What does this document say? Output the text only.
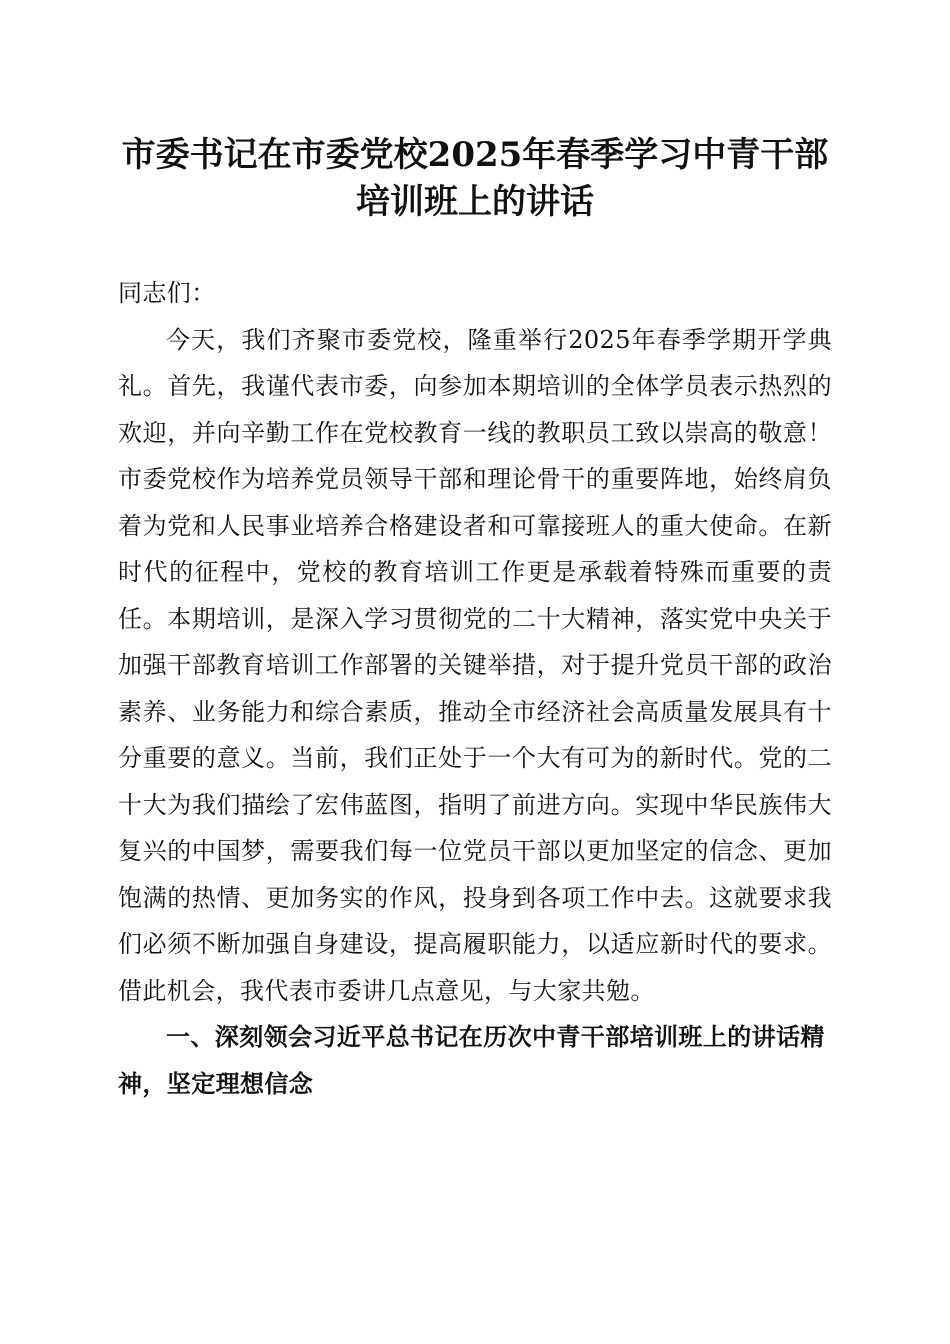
市委书记在市委党校2025年春季学习中青干部培训班上的讲话

同志们：

今天，我们齐聚市委党校，隆重举行2025年春季学期开学典礼。首先，我谨代表市委，向参加本期培训的全体学员表示热烈的欢迎，并向辛勤工作在党校教育一线的教职员工致以崇高的敬意！市委党校作为培养党员领导干部和理论骨干的重要阵地，始终肩负着为党和人民事业培养合格建设者和可靠接班人的重大使命。在新时代的征程中，党校的教育培训工作更是承载着特殊而重要的责任。本期培训，是深入学习贯彻党的二十大精神，落实党中央关于加强干部教育培训工作部署的关键举措，对于提升党员干部的政治素养、业务能力和综合素质，推动全市经济社会高质量发展具有十分重要的意义。当前，我们正处于一个大有可为的新时代。党的二十大为我们描绘了宏伟蓝图，指明了前进方向。实现中华民族伟大复兴的中国梦，需要我们每一位党员干部以更加坚定的信念、更加饱满的热情、更加务实的作风，投身到各项工作中去。这就要求我们必须不断加强自身建设，提高履职能力，以适应新时代的要求。借此机会，我代表市委讲几点意见，与大家共勉。

一、深刻领会习近平总书记在历次中青干部培训班上的讲话精神，坚定理想信念
